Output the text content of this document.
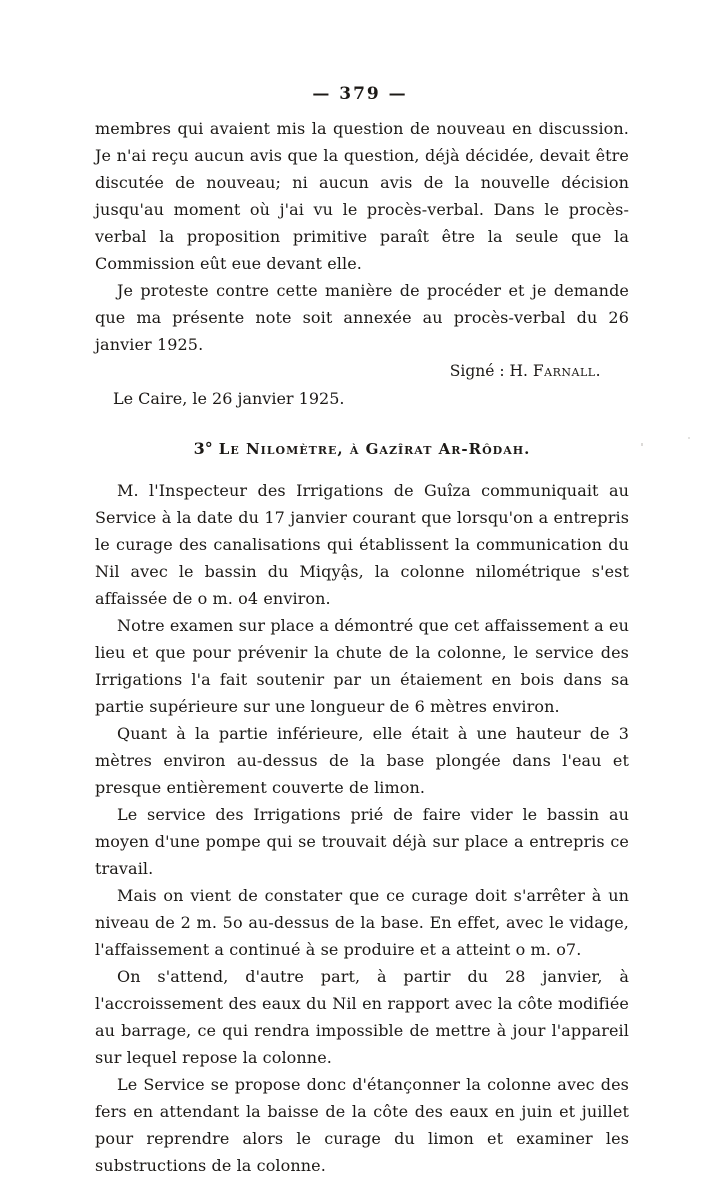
— 379 —

membres qui avaient mis la question de nouveau en discussion. Je n'ai reçu aucun avis que la question, déjà décidée, devait être discutée de nouveau; ni aucun avis de la nouvelle décision jusqu'au moment où j'ai vu le procès-verbal. Dans le procès-verbal la proposition primitive paraît être la seule que la Commission eût eue devant elle.

Je proteste contre cette manière de procéder et je demande que ma présente note soit annexée au procès-verbal du 26 janvier 1925.

Signé : H. Farnall.

Le Caire, le 26 janvier 1925.

3° Le Nilomètre, à Gazîrat Ar-Rôdah.

M. l'Inspecteur des Irrigations de Guîza communiquait au Service à la date du 17 janvier courant que lorsqu'on a entrepris le curage des canalisations qui établissent la communication du Nil avec le bassin du Miqyậs, la colonne nilométrique s'est affaissée de o m. o4 environ.

Notre examen sur place a démontré que cet affaissement a eu lieu et que pour prévenir la chute de la colonne, le service des Irrigations l'a fait soutenir par un étaiement en bois dans sa partie supérieure sur une longueur de 6 mètres environ.

Quant à la partie inférieure, elle était à une hauteur de 3 mètres environ au-dessus de la base plongée dans l'eau et presque entièrement couverte de limon.

Le service des Irrigations prié de faire vider le bassin au moyen d'une pompe qui se trouvait déjà sur place a entrepris ce travail.

Mais on vient de constater que ce curage doit s'arrêter à un niveau de 2 m. 5o au-dessus de la base. En effet, avec le vidage, l'affaissement a continué à se produire et a atteint o m. o7.

On s'attend, d'autre part, à partir du 28 janvier, à l'accroissement des eaux du Nil en rapport avec la côte modifiée au barrage, ce qui rendra impossible de mettre à jour l'appareil sur lequel repose la colonne.

Le Service se propose donc d'étançonner la colonne avec des fers en attendant la baisse de la côte des eaux en juin et juillet pour reprendre alors le curage du limon et examiner les substructions de la colonne.
